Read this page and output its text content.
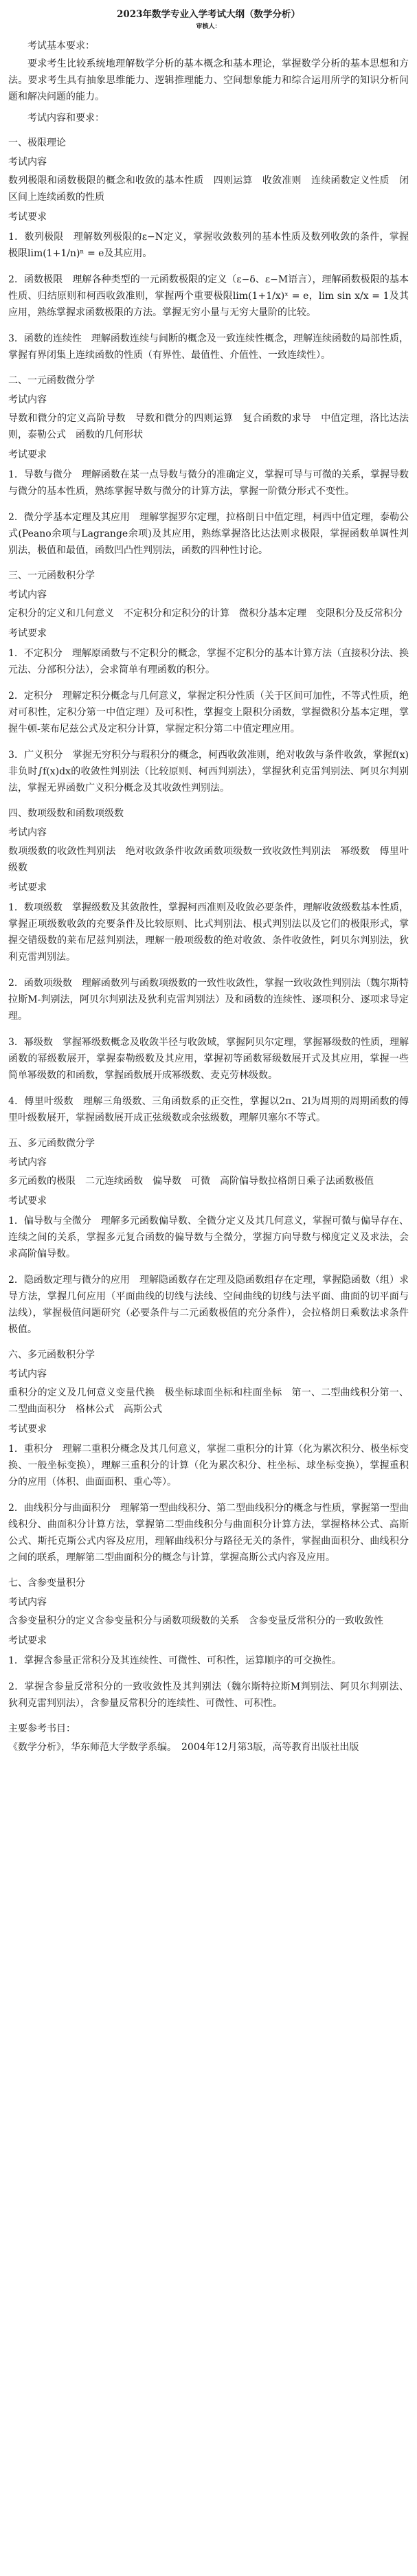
2023年数学专业入学考试大纲（数学分析）
审核人：
考试基本要求：
要求考生比较系统地理解数学分析的基本概念和基本理论，掌握数学分析的基本思想和方法。要求考生具有抽象思维能力、逻辑推理能力、空间想象能力和综合运用所学的知识分析问题和解决问题的能力。
考试内容和要求：
一、极限理论
考试内容
数列极限和函数极限的概念和收敛的基本性质　四则运算　收敛准则　连续函数定义性质　闭区间上连续函数的性质
考试要求
1．数列极限　理解数列极限的ε−N定义，掌握收敛数列的基本性质及数列收敛的条件，掌握极限lim(1+1/n)ⁿ = e及其应用。
2．函数极限　理解各种类型的一元函数极限的定义（ε−δ、ε−M语言），理解函数极限的基本性质、归结原则和柯西收敛准则，掌握两个重要极限lim(1+1/x)ˣ = e，lim sin x/x = 1及其应用，熟练掌握求函数极限的方法。掌握无穷小量与无穷大量阶的比较。
3．函数的连续性　理解函数连续与间断的概念及一致连续性概念，理解连续函数的局部性质，掌握有界闭集上连续函数的性质（有界性、最值性、介值性、一致连续性）。
二、一元函数微分学
考试内容
导数和微分的定义高阶导数　导数和微分的四则运算　复合函数的求导　中值定理，洛比达法则，泰勒公式　函数的几何形状
考试要求
1．导数与微分　理解函数在某一点导数与微分的准确定义，掌握可导与可微的关系，掌握导数与微分的基本性质，熟练掌握导数与微分的计算方法，掌握一阶微分形式不变性。
2．微分学基本定理及其应用　理解掌握罗尔定理，拉格朗日中值定理，柯西中值定理，泰勒公式(Peano余项与Lagrange余项)及其应用，熟练掌握洛比达法则求极限，掌握函数单调性判别法，极值和最值，函数凹凸性判别法，函数的四种性讨论。
三、一元函数积分学
考试内容
定积分的定义和几何意义　不定积分和定积分的计算　微积分基本定理　变限积分及反常积分
考试要求
1．不定积分　理解原函数与不定积分的概念，掌握不定积分的基本计算方法（直接积分法、换元法、分部积分法），会求简单有理函数的积分。
2．定积分　理解定积分概念与几何意义，掌握定积分性质（关于区间可加性，不等式性质，绝对可积性，定积分第一中值定理）及可积性，掌握变上限积分函数，掌握微积分基本定理，掌握牛顿-莱布尼兹公式及定积分计算，掌握定积分第二中值定理应用。
3．广义积分　掌握无穷积分与瑕积分的概念，柯西收敛准则，绝对收敛与条件收敛，掌握f(x)非负时∫f(x)dx的收敛性判别法（比较原则、柯西判别法），掌握狄利克雷判别法、阿贝尔判别法，掌握无界函数广义积分概念及其收敛性判别法。
四、数项级数和函数项级数
考试内容
数项级数的收敛性判别法　绝对收敛条件收敛函数项级数一致收敛性判别法　幂级数　傅里叶级数
考试要求
1．数项级数　掌握级数及其敛散性，掌握柯西准则及收敛必要条件，理解收敛级数基本性质，掌握正项级数收敛的充要条件及比较原则、比式判别法、根式判别法以及它们的极限形式，掌握交错级数的莱布尼兹判别法，理解一般项级数的绝对收敛、条件收敛性，阿贝尔判别法，狄利克雷判别法。
2．函数项级数　理解函数列与函数项级数的一致性收敛性，掌握一致收敛性判别法（魏尔斯特拉斯M-判别法，阿贝尔判别法及狄利克雷判别法）及和函数的连续性、逐项积分、逐项求导定理。
3．幂级数　掌握幂级数概念及收敛半径与收敛域，掌握阿贝尔定理，掌握幂级数的性质，理解函数的幂级数展开，掌握泰勒级数及其应用，掌握初等函数幂级数展开式及其应用，掌握一些简单幂级数的和函数，掌握函数展开成幂级数、麦克劳林级数。
4．傅里叶级数　理解三角级数、三角函数系的正交性，掌握以2π、2l为周期的周期函数的傅里叶级数展开，掌握函数展开成正弦级数或余弦级数，理解贝塞尔不等式。
五、多元函数微分学
考试内容
多元函数的极限　二元连续函数　偏导数　可微　高阶偏导数拉格朗日乘子法函数极值
考试要求
1．偏导数与全微分　理解多元函数偏导数、全微分定义及其几何意义，掌握可微与偏导存在、连续之间的关系，掌握多元复合函数的偏导数与全微分，掌握方向导数与梯度定义及求法，会求高阶偏导数。
2．隐函数定理与微分的应用　理解隐函数存在定理及隐函数组存在定理，掌握隐函数（组）求导方法，掌握几何应用（平面曲线的切线与法线、空间曲线的切线与法平面、曲面的切平面与法线），掌握极值问题研究（必要条件与二元函数极值的充分条件），会拉格朗日乘数法求条件极值。
六、多元函数积分学
考试内容
重积分的定义及几何意义变量代换　极坐标球面坐标和柱面坐标　第一、二型曲线积分第一、二型曲面积分　格林公式　高斯公式
考试要求
1．重积分　理解二重积分概念及其几何意义，掌握二重积分的计算（化为累次积分、极坐标变换、一般坐标变换），理解三重积分的计算（化为累次积分、柱坐标、球坐标变换），掌握重积分的应用（体积、曲面面积、重心等）。
2．曲线积分与曲面积分　理解第一型曲线积分、第二型曲线积分的概念与性质，掌握第一型曲线积分、曲面积分计算方法，掌握第二型曲线积分与曲面积分计算方法，掌握格林公式、高斯公式、斯托克斯公式内容及应用，理解曲线积分与路径无关的条件，掌握曲面积分、曲线积分之间的联系，理解第二型曲面积分的概念与计算，掌握高斯公式内容及应用。
七、含参变量积分
考试内容
含参变量积分的定义含参变量积分与函数项级数的关系　含参变量反常积分的一致收敛性
考试要求
1．掌握含参量正常积分及其连续性、可微性、可积性，运算顺序的可交换性。
2．掌握含参量反常积分的一致收敛性及其判别法（魏尔斯特拉斯M判别法、阿贝尔判别法、狄利克雷判别法），含参量反常积分的连续性、可微性、可积性。
主要参考书目：
《数学分析》，华东师范大学数学系编。　2004年12月第3版，高等教育出版社出版
